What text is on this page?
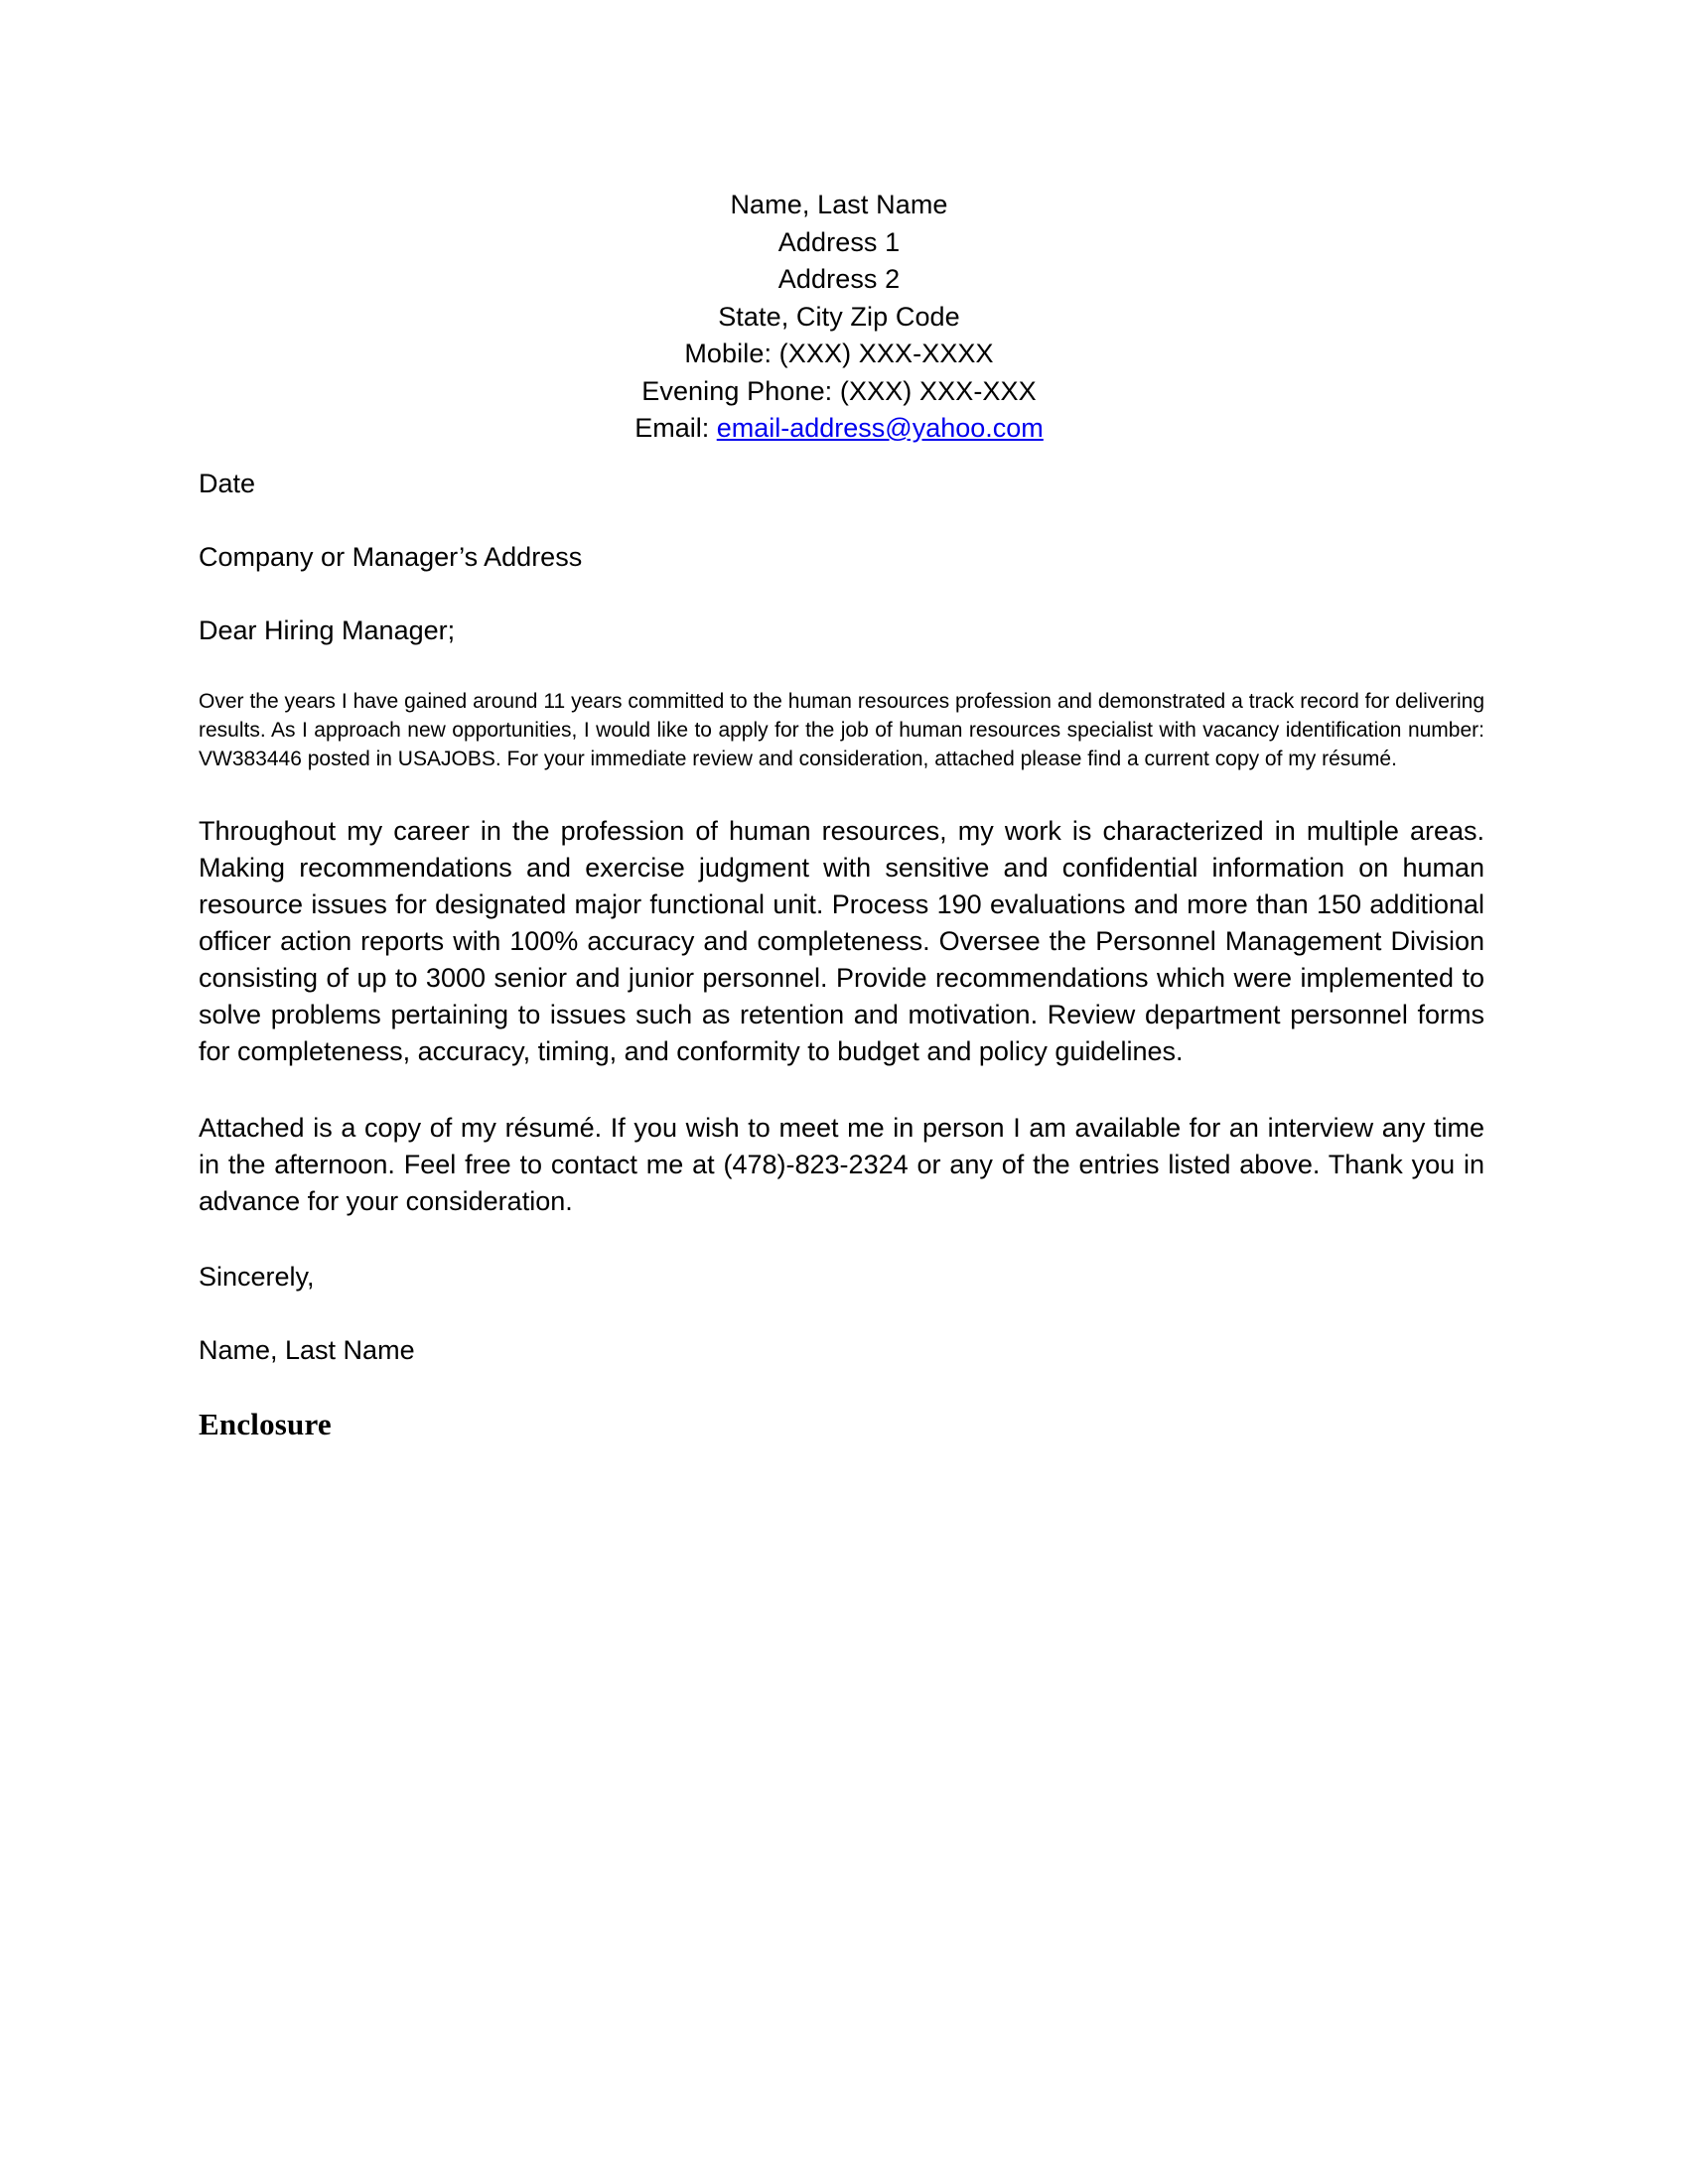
Name, Last Name
Address 1
Address 2
State, City Zip Code
Mobile: (XXX) XXX-XXXX
Evening Phone: (XXX) XXX-XXX
Email: email-address@yahoo.com
Date
Company or Manager’s Address
Dear Hiring Manager;

Over the years I have gained around 11 years committed to the human resources profession and demonstrated a track record for delivering results. As I approach new opportunities, I would like to apply for the job of human resources specialist with vacancy identification number: VW383446 posted in USAJOBS. For your immediate review and consideration, attached please find a current copy of my résumé.

Throughout my career in the profession of human resources, my work is characterized in multiple areas. Making recommendations and exercise judgment with sensitive and confidential information on human resource issues for designated major functional unit. Process 190 evaluations and more than 150 additional officer action reports with 100% accuracy and completeness. Oversee the Personnel Management Division consisting of up to 3000 senior and junior personnel. Provide recommendations which were implemented to solve problems pertaining to issues such as retention and motivation. Review department personnel forms for completeness, accuracy, timing, and conformity to budget and policy guidelines.

Attached is a copy of my résumé. If you wish to meet me in person I am available for an interview any time in the afternoon. Feel free to contact me at (478)-823-2324 or any of the entries listed above. Thank you in advance for your consideration.

Sincerely,
Name, Last Name
Enclosure
